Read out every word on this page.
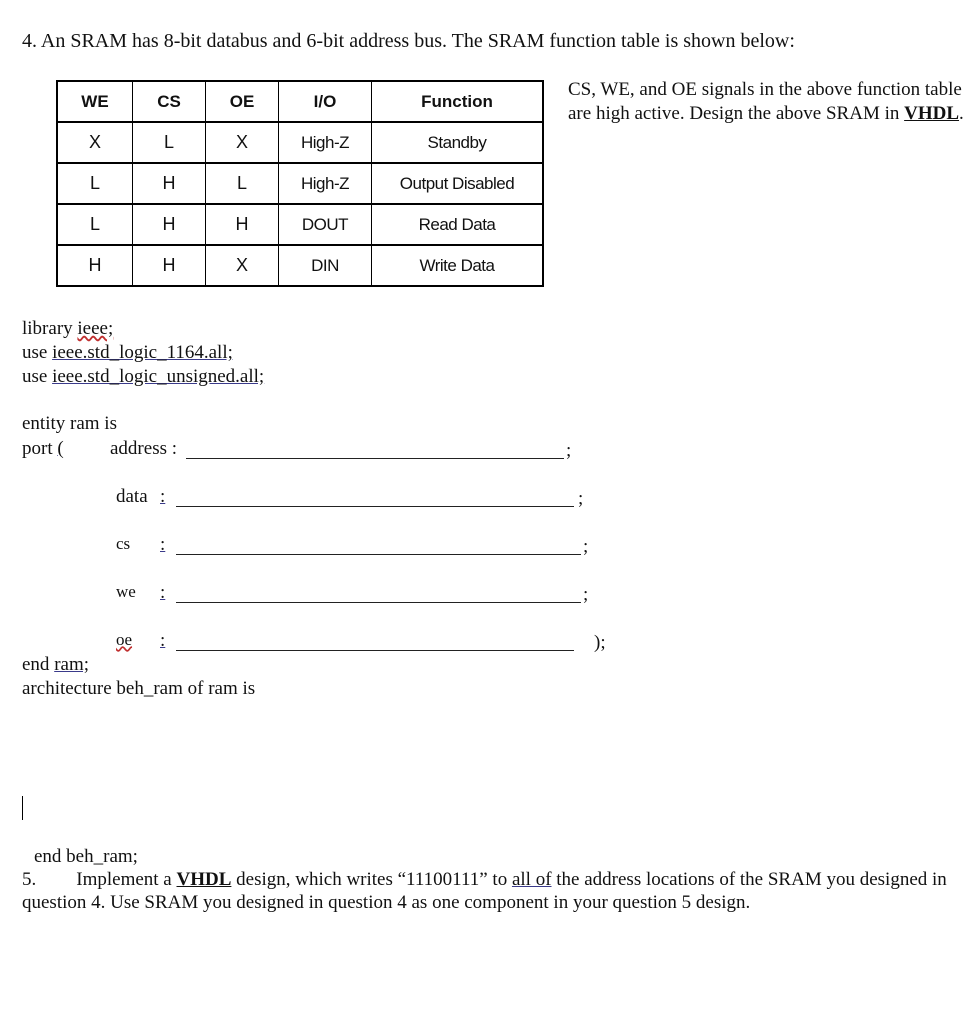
4. An SRAM has 8-bit databus and 6-bit address bus. The SRAM function table is shown below:
WE	CS	OE	I/O	Function
X	L	X	High-Z	Standby
L	H	L	High-Z	Output Disabled
L	H	H	DOUT	Read Data
H	H	X	DIN	Write Data
CS, WE, and OE signals in the above function table are high active. Design the above SRAM in VHDL.
library ieee;
use ieee.std_logic_1164.all;
use ieee.std_logic_unsigned.all;
entity ram is
port ( address :	;
data :	;
cs :	;
we :	;
oe :	);
end ram;
architecture beh_ram of ram is
end beh_ram;
5. Implement a VHDL design, which writes “11100111” to all of the address locations of the SRAM you designed in question 4. Use SRAM you designed in question 4 as one component in your question 5 design.
